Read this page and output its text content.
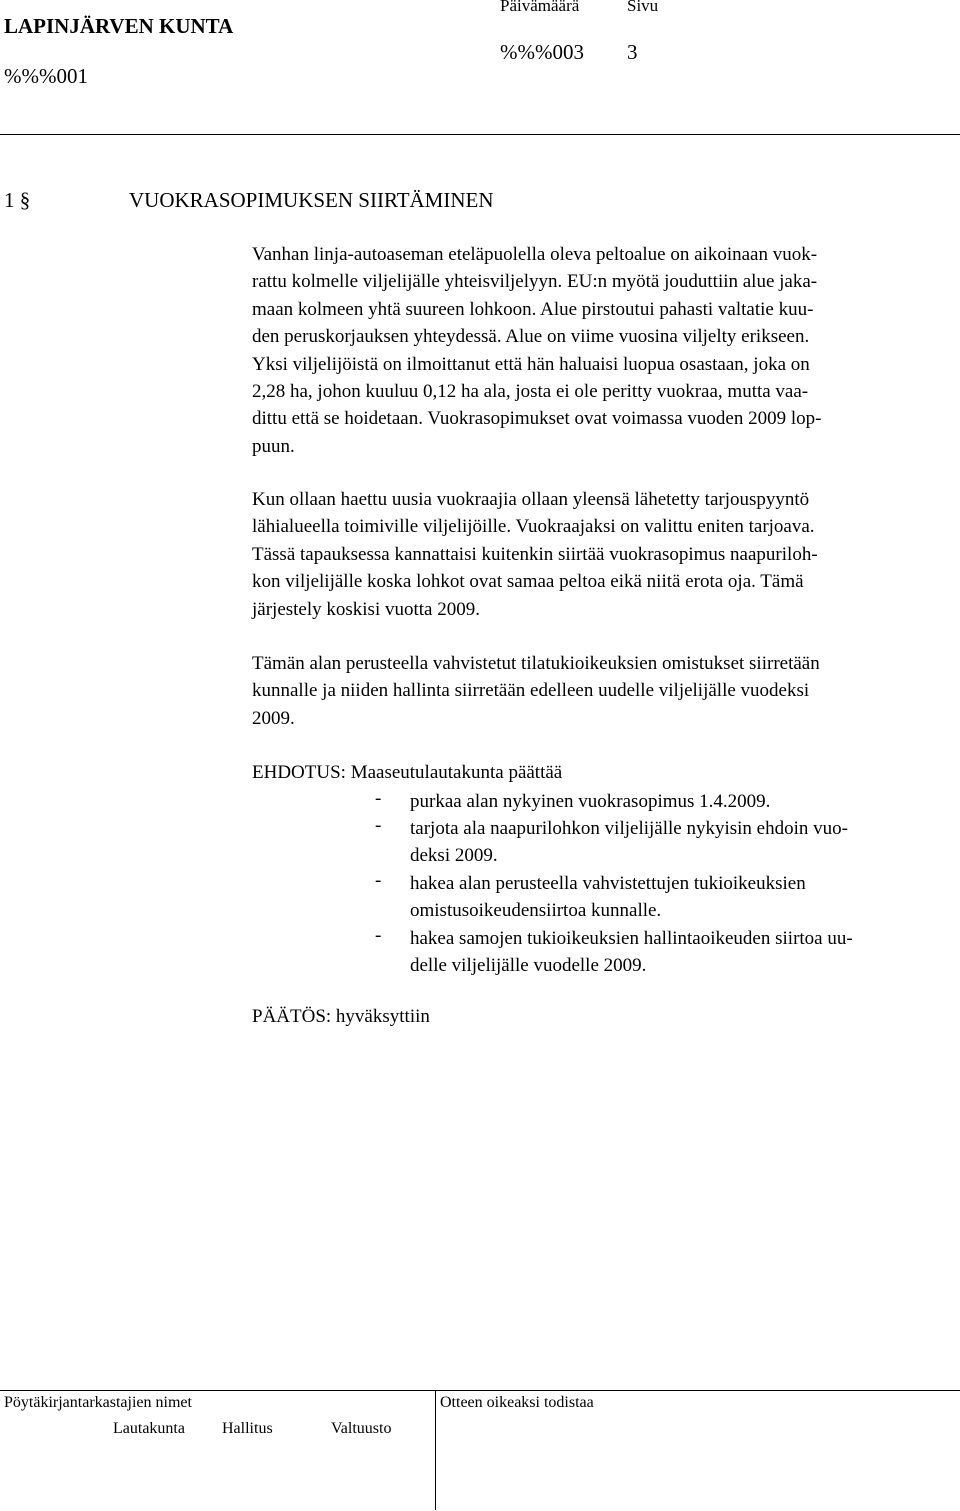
LAPINJÄRVEN KUNTA
%%%001
Päivämäärä	Sivu
%%%003 3
1 §	VUOKRASOPIMUKSEN SIIRTÄMINEN
Vanhan linja-autoaseman eteläpuolella oleva peltoalue on aikoinaan vuok-
rattu kolmelle viljelijälle yhteisviljelyyn. EU:n myötä jouduttiin alue jaka-
maan kolmeen yhtä suureen lohkoon. Alue pirstoutui pahasti valtatie kuu-
den peruskorjauksen yhteydessä. Alue on viime vuosina viljelty erikseen.
Yksi viljelijöistä on ilmoittanut että hän haluaisi luopua osastaan, joka on
2,28 ha, johon kuuluu 0,12 ha ala, josta ei ole peritty vuokraa, mutta vaa-
dittu että se hoidetaan. Vuokrasopimukset ovat voimassa vuoden 2009 lop-
puun.
Kun ollaan haettu uusia vuokraajia ollaan yleensä lähetetty tarjouspyyntö
lähialueella toimiville viljelijöille. Vuokraajaksi on valittu eniten tarjoava.
Tässä tapauksessa kannattaisi kuitenkin siirtää vuokrasopimus naapuriloh-
kon viljelijälle koska lohkot ovat samaa peltoa eikä niitä erota oja. Tämä
järjestely koskisi vuotta 2009.
Tämän alan perusteella vahvistetut tilatukioikeuksien omistukset siirretään
kunnalle ja niiden hallinta siirretään edelleen uudelle viljelijälle vuodeksi
2009.
EHDOTUS: Maaseutulautakunta päättää
- purkaa alan nykyinen vuokrasopimus 1.4.2009.
- tarjota ala naapurilohkon viljelijälle nykyisin ehdoin vuo-
deksi 2009.
- hakea alan perusteella vahvistettujen tukioikeuksien
omistusoikeudensiirtoa kunnalle.
- hakea samojen tukioikeuksien hallintaoikeuden siirtoa uu-
delle viljelijälle vuodelle 2009.
PÄÄTÖS: hyväksyttiin
Pöytäkirjantarkastajien nimet	Otteen oikeaksi todistaa
Lautakunta Hallitus	Valtuusto
